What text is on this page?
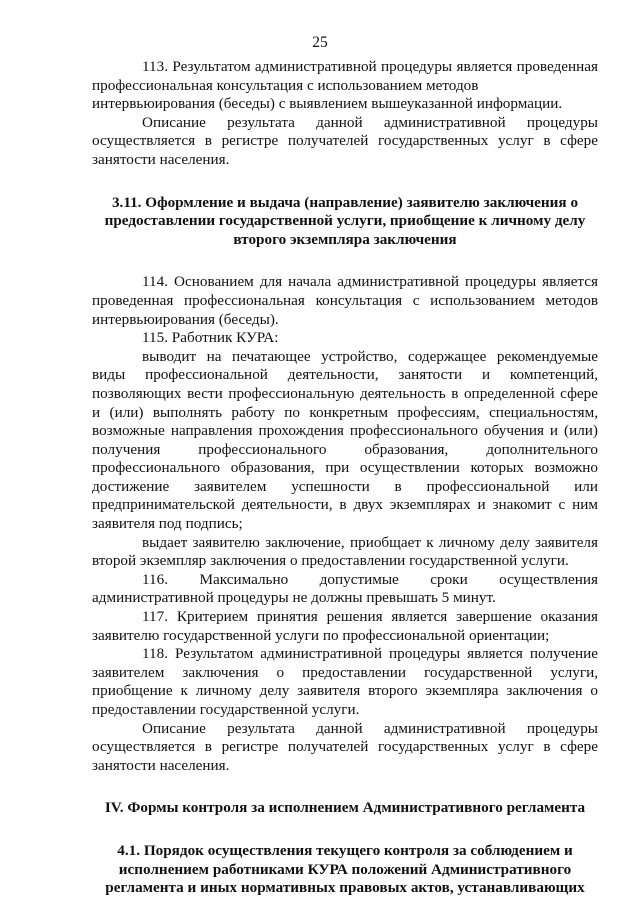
25

113. Результатом административной процедуры является проведенная профессиональная консультация с использованием методов

интервьюирования (беседы) с выявлением вышеуказанной информации.

Описание результата данной административной процедуры

осуществляется в регистре получателей государственных услуг в сфере занятости населения.

3.11. Оформление и выдача (направление) заявителю заключения о предоставлении государственной услуги, приобщение к личному делу второго экземпляра заключения

114. Основанием для начала административной процедуры является проведенная профессиональная консультация с использованием методов интервьюирования (беседы).

115. Работник КУРА:

выводит на печатающее устройство, содержащее рекомендуемые виды профессиональной деятельности, занятости и компетенций, позволяющих вести профессиональную деятельность в определенной сфере и (или) выполнять работу по конкретным профессиям, специальностям, возможные направления прохождения профессионального обучения и (или) получения профессионального образования, дополнительного профессионального образования, при осуществлении которых возможно достижение заявителем успешности в профессиональной или предпринимательской деятельности, в двух экземплярах и знакомит с ним заявителя под подпись;

выдает заявителю заключение, приобщает к личному делу заявителя второй экземпляр заключения о предоставлении государственной услуги.

116. Максимально допустимые сроки осуществления административной процедуры не должны превышать 5 минут.

117. Критерием принятия решения является завершение оказания заявителю государственной услуги по профессиональной ориентации;

118. Результатом административной процедуры является получение заявителем заключения о предоставлении государственной услуги, приобщение к личному делу заявителя второго экземпляра заключения о предоставлении государственной услуги.

Описание результата данной административной процедуры

осуществляется в регистре получателей государственных услуг в сфере занятости населения.

IV. Формы контроля за исполнением Административного регламента

4.1. Порядок осуществления текущего контроля за соблюдением и исполнением работниками КУРА положений Административного регламента и иных нормативных правовых актов, устанавливающих
